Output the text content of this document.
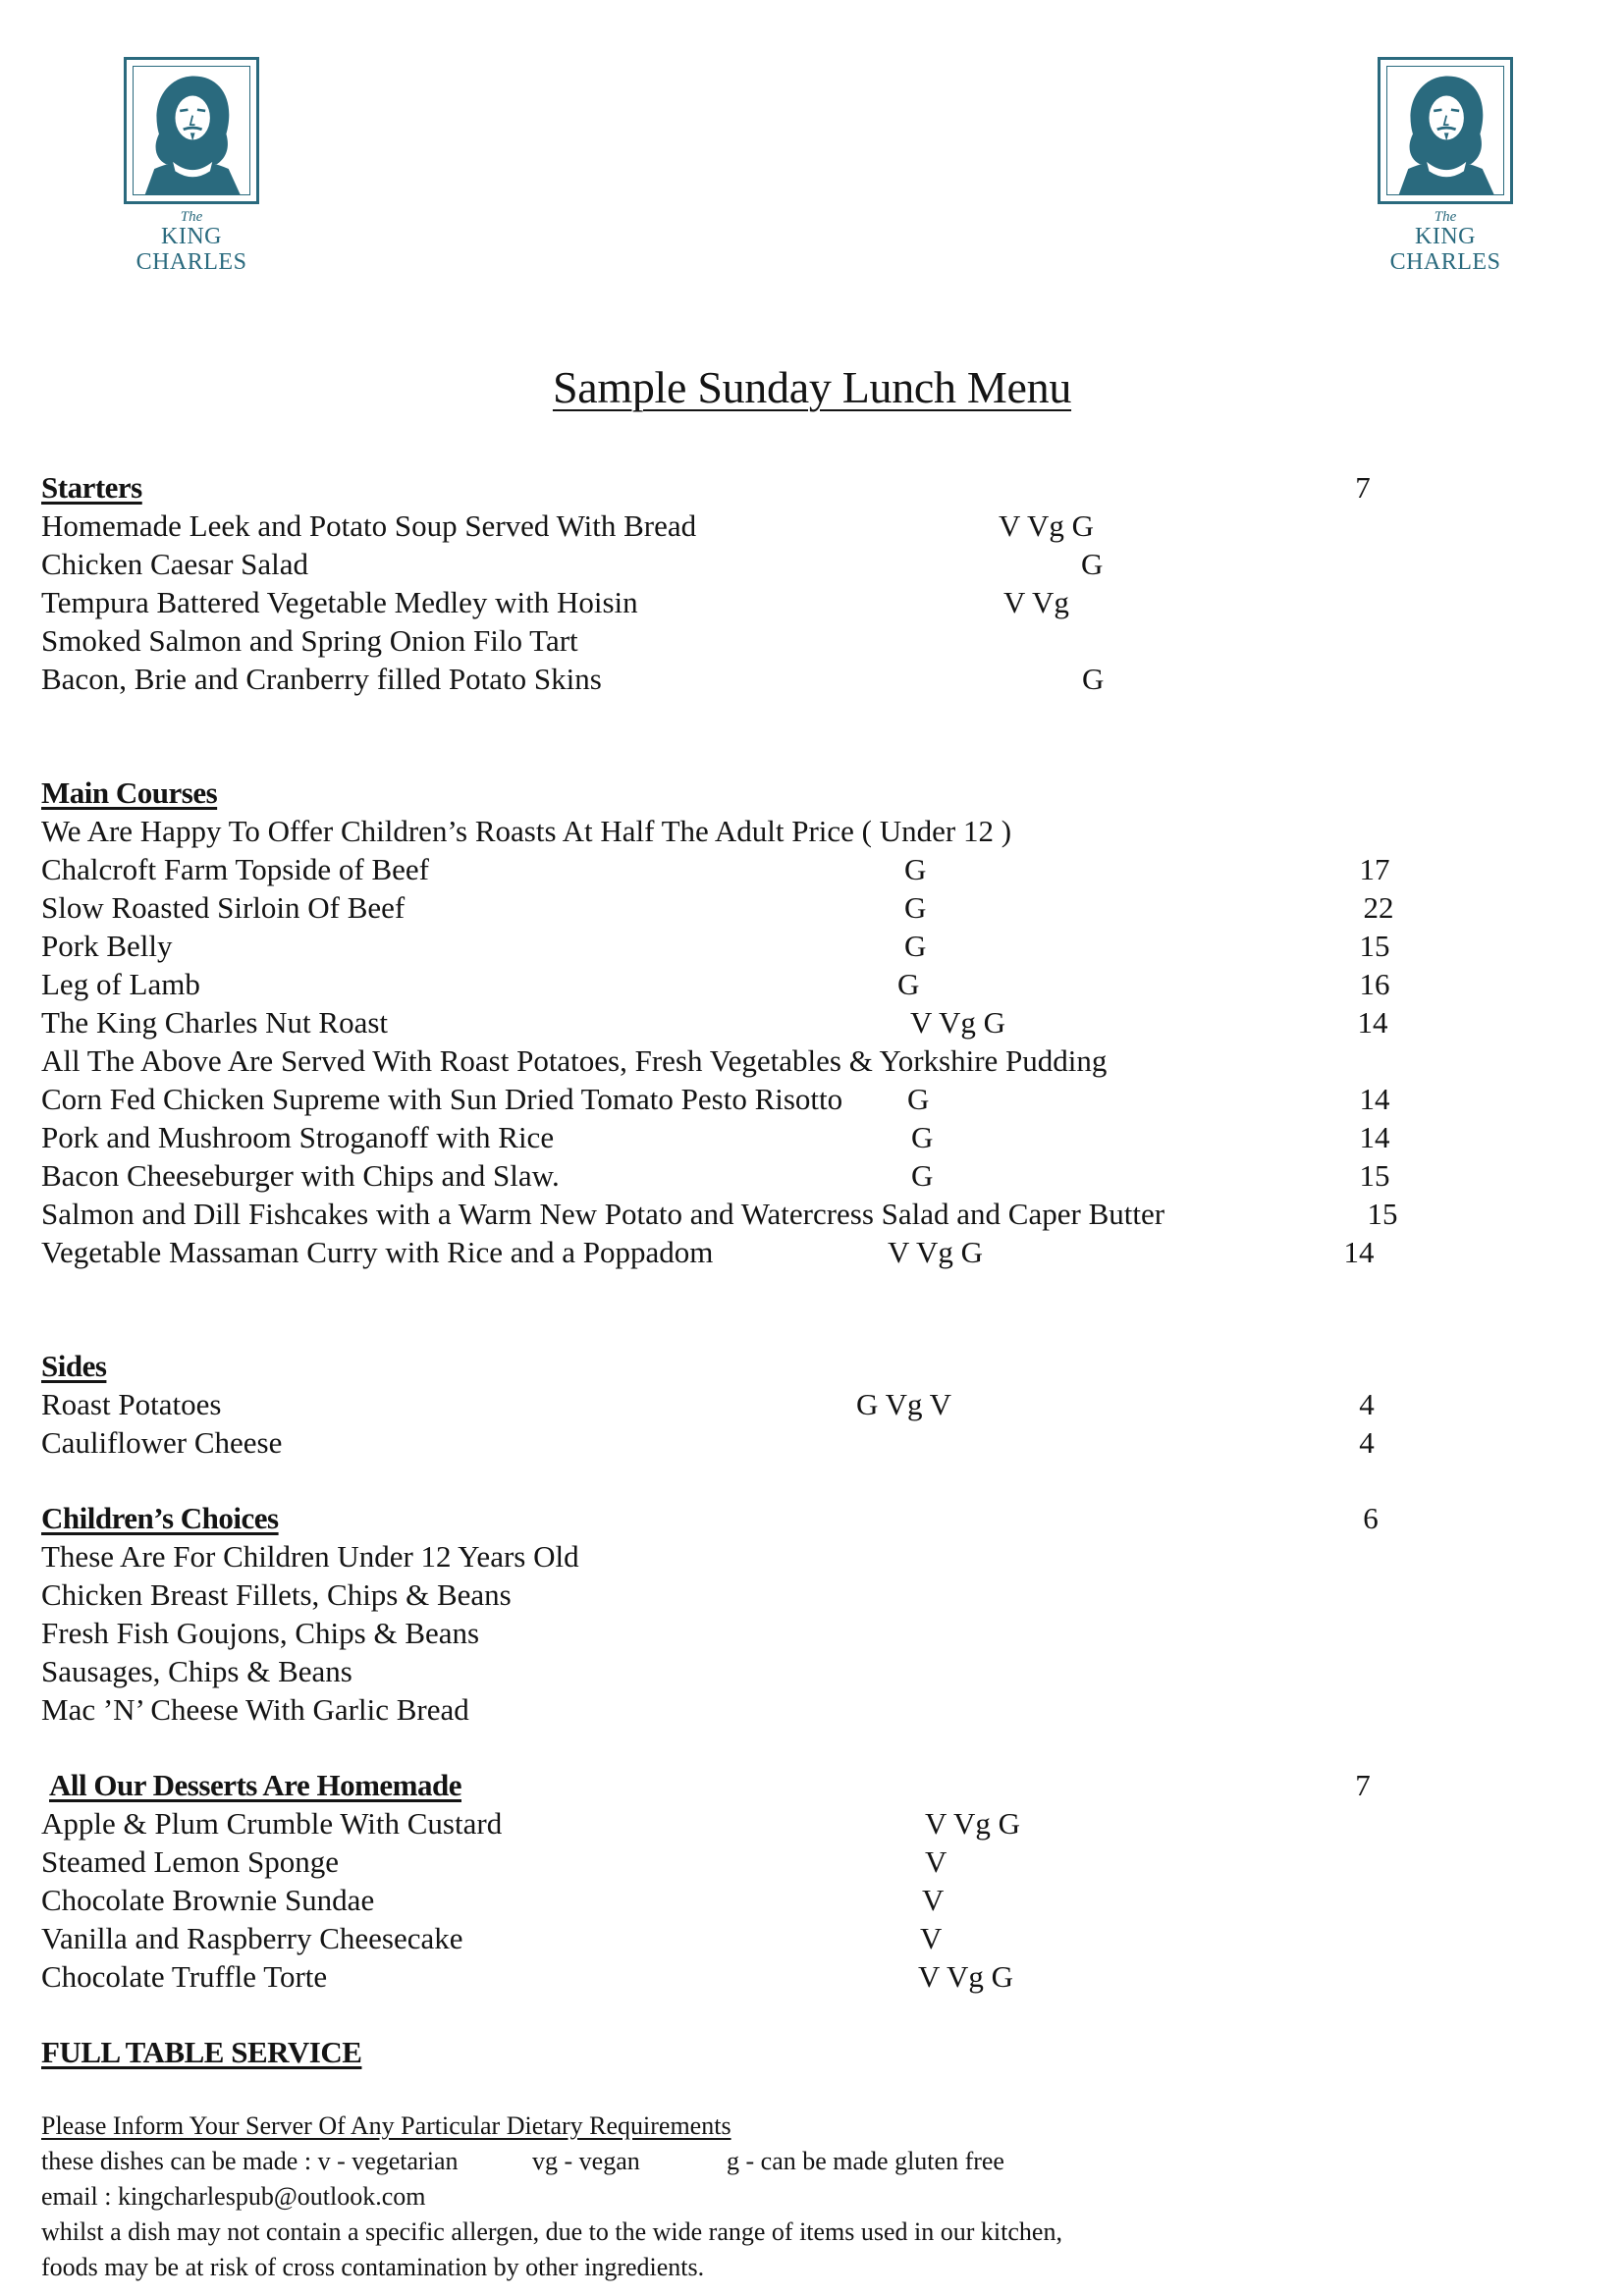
The
KING
CHARLES
The
KING
CHARLES
Sample Sunday Lunch Menu
Starters	7
Homemade Leek and Potato Soup Served With Bread	V Vg G
Chicken Caesar Salad	G
Tempura Battered Vegetable Medley with Hoisin	V Vg
Smoked Salmon and Spring Onion Filo Tart
Bacon, Brie and Cranberry filled Potato Skins	G
Main Courses
We Are Happy To Offer Children’s Roasts At Half The Adult Price ( Under 12 )
Chalcroft Farm Topside of Beef	G	17
Slow Roasted Sirloin Of Beef	G	22
Pork Belly	G	15
Leg of Lamb	G	16
The King Charles Nut Roast	V Vg G	14
All The Above Are Served With Roast Potatoes, Fresh Vegetables & Yorkshire Pudding
Corn Fed Chicken Supreme with Sun Dried Tomato Pesto Risotto G	14
Pork and Mushroom Stroganoff with Rice	G	14
Bacon Cheeseburger with Chips and Slaw.	G	15
Salmon and Dill Fishcakes with a Warm New Potato and Watercress Salad and Caper Butter	15
Vegetable Massaman Curry with Rice and a Poppadom	V Vg G	14
Sides
Roast Potatoes	G Vg V	4
Cauliflower Cheese	4
Children’s Choices	6
These Are For Children Under 12 Years Old
Chicken Breast Fillets, Chips & Beans
Fresh Fish Goujons, Chips & Beans
Sausages, Chips & Beans
Mac ’N’ Cheese With Garlic Bread
All Our Desserts Are Homemade	7
Apple & Plum Crumble With Custard	V Vg G
Steamed Lemon Sponge	V
Chocolate Brownie Sundae	V
Vanilla and Raspberry Cheesecake	V
Chocolate Truffle Torte	V Vg G
FULL TABLE SERVICE
Please Inform Your Server Of Any Particular Dietary Requirements
these dishes can be made : v - vegetarian	vg - vegan	g - can be made gluten free
email : kingcharlespub@outlook.com
whilst a dish may not contain a specific allergen, due to the wide range of items used in our kitchen,
foods may be at risk of cross contamination by other ingredients.
